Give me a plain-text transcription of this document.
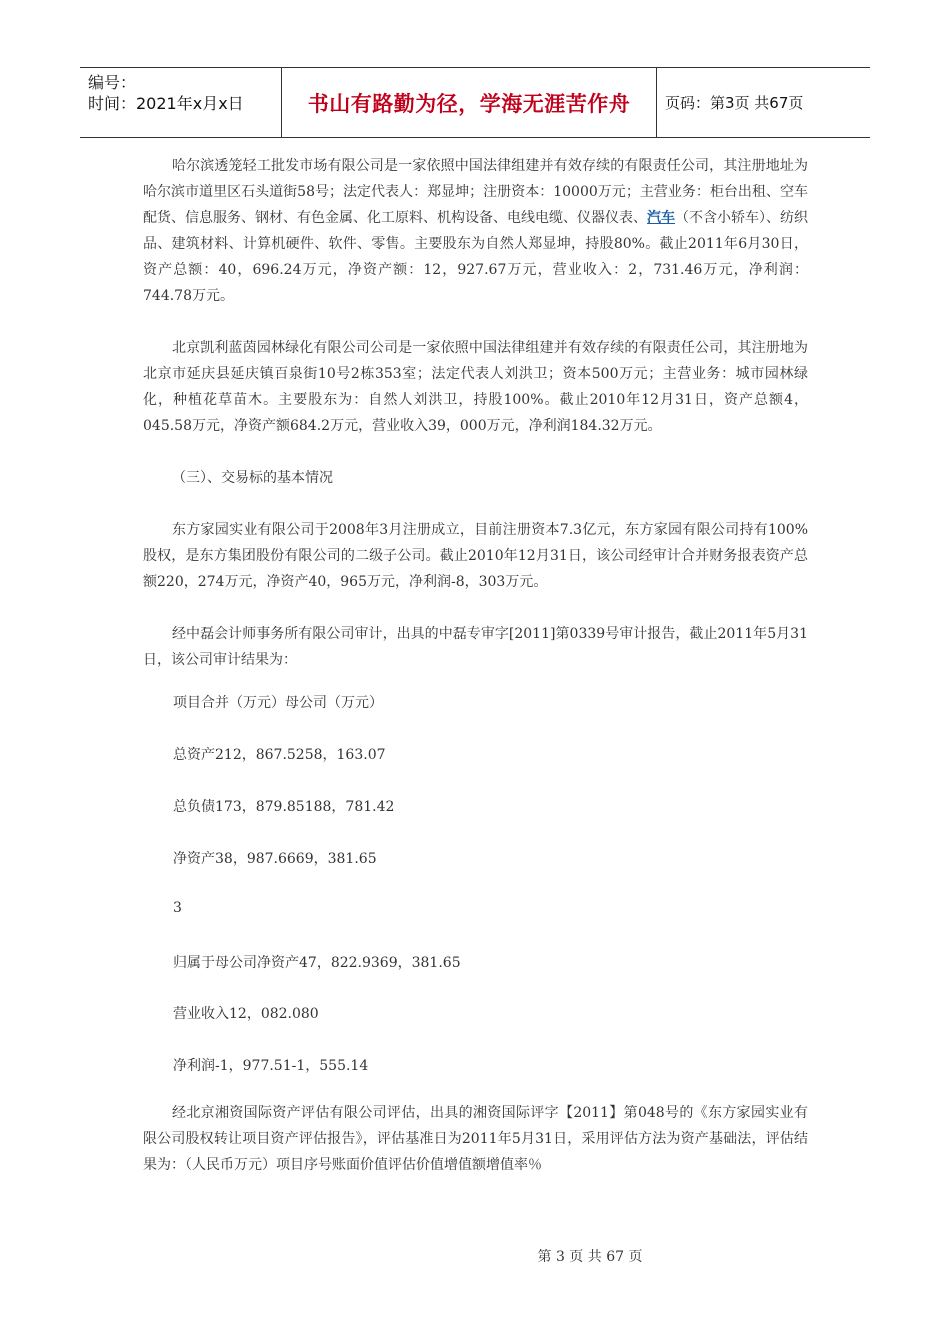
编号：
时间：2021年x月x日	书山有路勤为径，学海无涯苦作舟 页码：第3页 共67页

哈尔滨透笼轻工批发市场有限公司是一家依照中国法律组建并有效存续的有限责任公司，其注册地址为哈尔滨市道里区石头道街58号；法定代表人：郑显坤；注册资本：10000万元；主营业务：柜台出租、空车配货、信息服务、钢材、有色金属、化工原料、机构设备、电线电缆、仪器仪表、汽车（不含小轿车）、纺织品、建筑材料、计算机硬件、软件、零售。主要股东为自然人郑显坤，持股80%。截止2011年6月30日，资产总额：40，696.24万元，净资产额：12，927.67万元，营业收入：2，731.46万元，净利润：744.78万元。

北京凯利蓝茵园林绿化有限公司公司是一家依照中国法律组建并有效存续的有限责任公司，其注册地为北京市延庆县延庆镇百泉街10号2栋353室；法定代表人刘洪卫；资本500万元；主营业务：城市园林绿化，种植花草苗木。主要股东为：自然人刘洪卫，持股100%。截止2010年12月31日，资产总额4，045.58万元，净资产额684.2万元，营业收入39，000万元，净利润184.32万元。

（三）、交易标的基本情况

东方家园实业有限公司于2008年3月注册成立，目前注册资本7.3亿元，东方家园有限公司持有100%股权，是东方集团股份有限公司的二级子公司。截止2010年12月31日，该公司经审计合并财务报表资产总额220，274万元，净资产40，965万元，净利润-8，303万元。

经中磊会计师事务所有限公司审计，出具的中磊专审字[2011]第0339号审计报告，截止2011年5月31日，该公司审计结果为：

项目合并（万元）母公司（万元）

总资产212，867.5258，163.07

总负债173，879.85188，781.42

净资产38，987.6669，381.65

3

归属于母公司净资产47，822.9369，381.65

营业收入12，082.080

净利润-1，977.51-1，555.14

经北京湘资国际资产评估有限公司评估，出具的湘资国际评字【2011】第048号的《东方家园实业有限公司股权转让项目资产评估报告》，评估基准日为2011年5月31日，采用评估方法为资产基础法，评估结果为：（人民币万元）项目序号账面价值评估价值增值额增值率％

第 3 页 共 67 页
